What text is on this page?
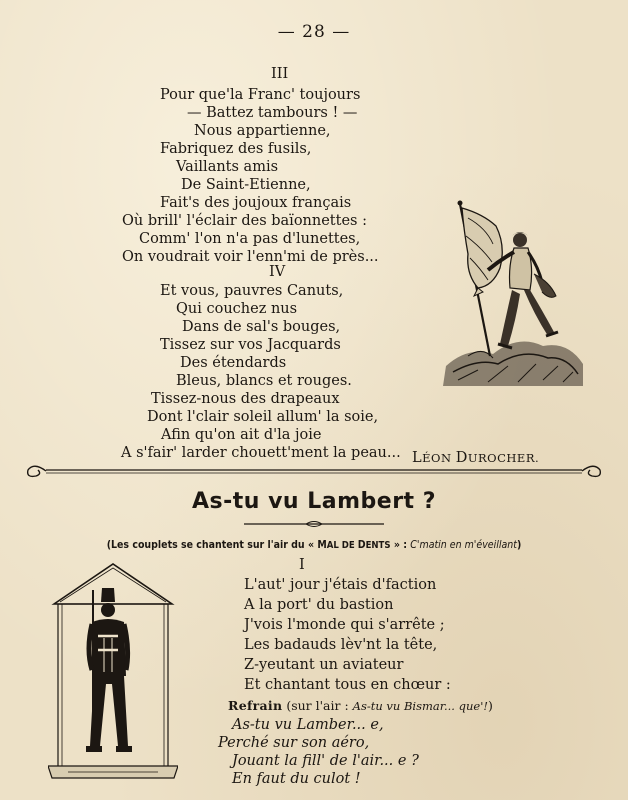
— 28 —
III
Pour que'la Franc' toujours
— Battez tambours ! —
Nous appartienne,
Fabriquez des fusils,
Vaillants amis
De Saint-Etienne,
Fait's des joujoux français
Où brill' l'éclair des baïonnettes :
Comm' l'on n'a pas d'lunettes,
On voudrait voir l'enn'mi de près...
IV
Et vous, pauvres Canuts,
Qui couchez nus
Dans de sal's bouges,
Tissez sur vos Jacquards
Des étendards
Bleus, blancs et rouges.
Tissez-nous des drapeaux
Dont l'clair soleil allum' la soie,
Afin qu'on ait d'la joie
A s'fair' larder chouett'ment la peau... LÉON DUROCHER.
As-tu vu Lambert ?
(Les couplets se chantent sur l'air du « MAL DE DENTS » : C'matin en m'éveillant)
I
L'aut' jour j'étais d'faction
A la port' du bastion
J'vois l'monde qui s'arrête ;
Les badauds lèv'nt la tête,
Z-yeutant un aviateur
Et chantant tous en chœur :
Refrain (sur l'air : As-tu vu Bismar... que'!)
As-tu vu Lamber... e,
Perché sur son aéro,
Jouant la fill' de l'air... e ?
En faut du culot !
